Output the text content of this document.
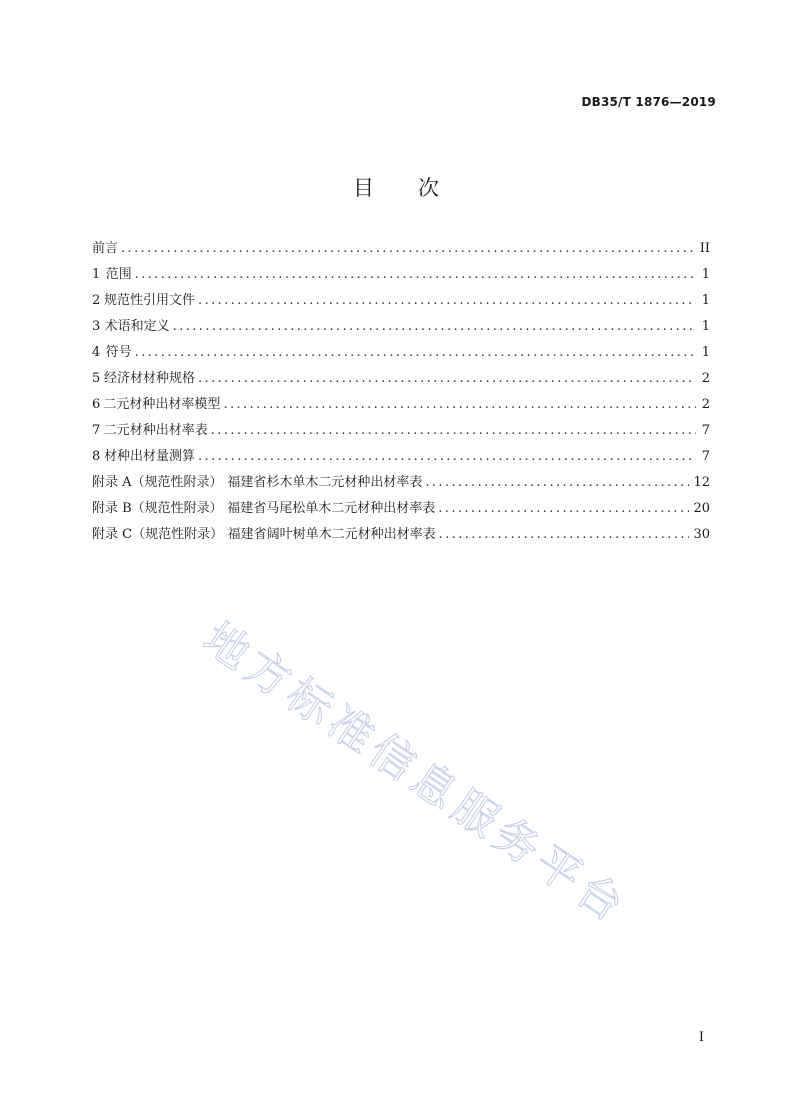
DB35/T 1876—2019
目 次
前言 .....	II
1 范围 .....	1
2 规范性引用文件 .....	1
3 术语和定义 .....	1
4 符号 .....	1
5 经济材材种规格 .....	2
6 二元材种出材率模型 .....	2
7 二元材种出材率表 .....	7
8 材种出材量测算 .....	7
附录 A（规范性附录） 福建省杉木单木二元材种出材率表 .....	12
附录 B（规范性附录） 福建省马尾松单木二元材种出材率表 .....	20
附录 C（规范性附录） 福建省阔叶树单木二元材种出材率表 .....	30
地方标准信息服务平台
I
